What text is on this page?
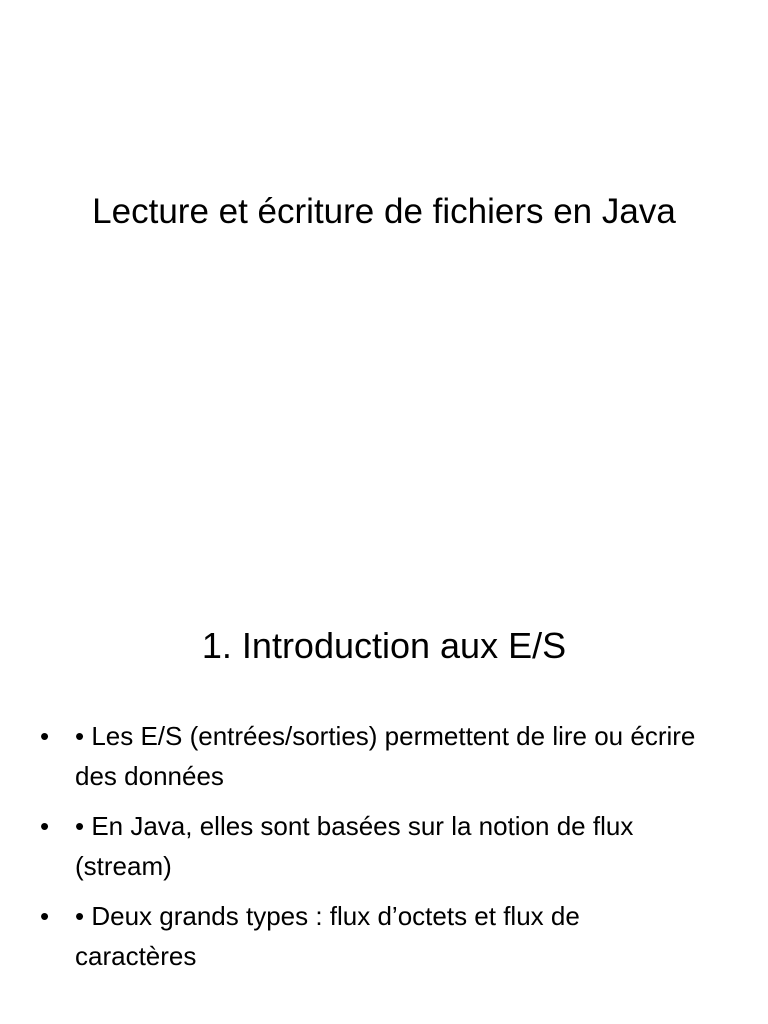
Lecture et écriture de fichiers en Java
1. Introduction aux E/S
• • Les E/S (entrées/sorties) permettent de lire ou écrire des données
• • En Java, elles sont basées sur la notion de flux (stream)
• • Deux grands types : flux d’octets et flux de caractères
